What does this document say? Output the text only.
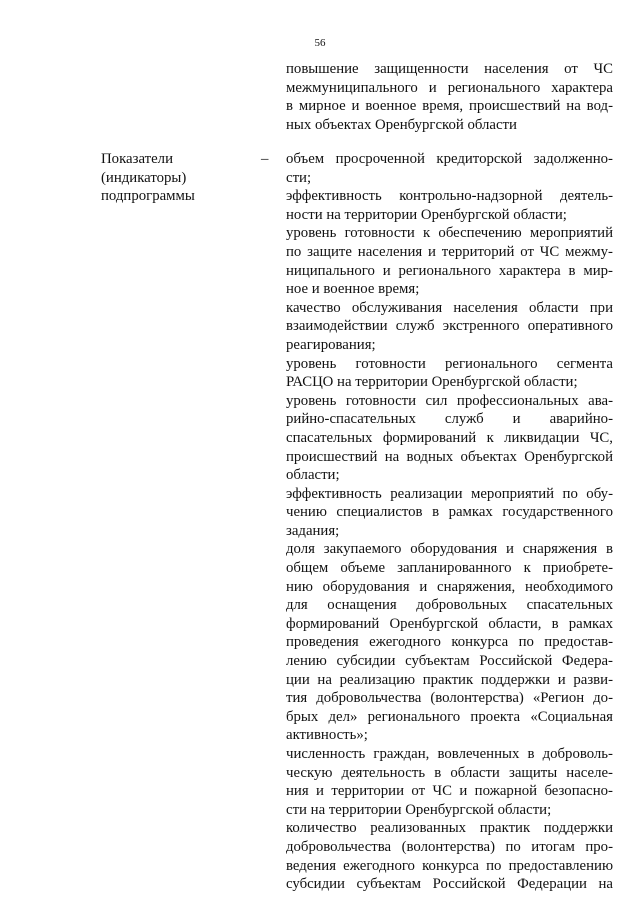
56
повышение защищенности населения от ЧС
межмуниципального и регионального характера
в мирное и военное время, происшествий на вод-
ных объектах Оренбургской области
Показатели
(индикаторы)
подпрограммы
– объем просроченной кредиторской задолженно-
сти;
эффективность контрольно-надзорной деятель-
ности на территории Оренбургской области;
уровень готовности к обеспечению мероприятий
по защите населения и территорий от ЧС межму-
ниципального и регионального характера в мир-
ное и военное время;
качество обслуживания населения области при
взаимодействии служб экстренного оперативного
реагирования;
уровень готовности регионального сегмента
РАСЦО на территории Оренбургской области;
уровень готовности сил профессиональных ава-
рийно-спасательных служб и аварийно-
спасательных формирований к ликвидации ЧС,
происшествий на водных объектах Оренбургской
области;
эффективность реализации мероприятий по обу-
чению специалистов в рамках государственного
задания;
доля закупаемого оборудования и снаряжения в
общем объеме запланированного к приобрете-
нию оборудования и снаряжения, необходимого
для оснащения добровольных спасательных
формирований Оренбургской области, в рамках
проведения ежегодного конкурса по предостав-
лению субсидии субъектам Российской Федера-
ции на реализацию практик поддержки и разви-
тия добровольчества (волонтерства) «Регион до-
брых дел» регионального проекта «Социальная
активность»;
численность граждан, вовлеченных в доброволь-
ческую деятельность в области защиты населе-
ния и территории от ЧС и пожарной безопасно-
сти на территории Оренбургской области;
количество реализованных практик поддержки
добровольчества (волонтерства) по итогам про-
ведения ежегодного конкурса по предоставлению
субсидии субъектам Российской Федерации на
